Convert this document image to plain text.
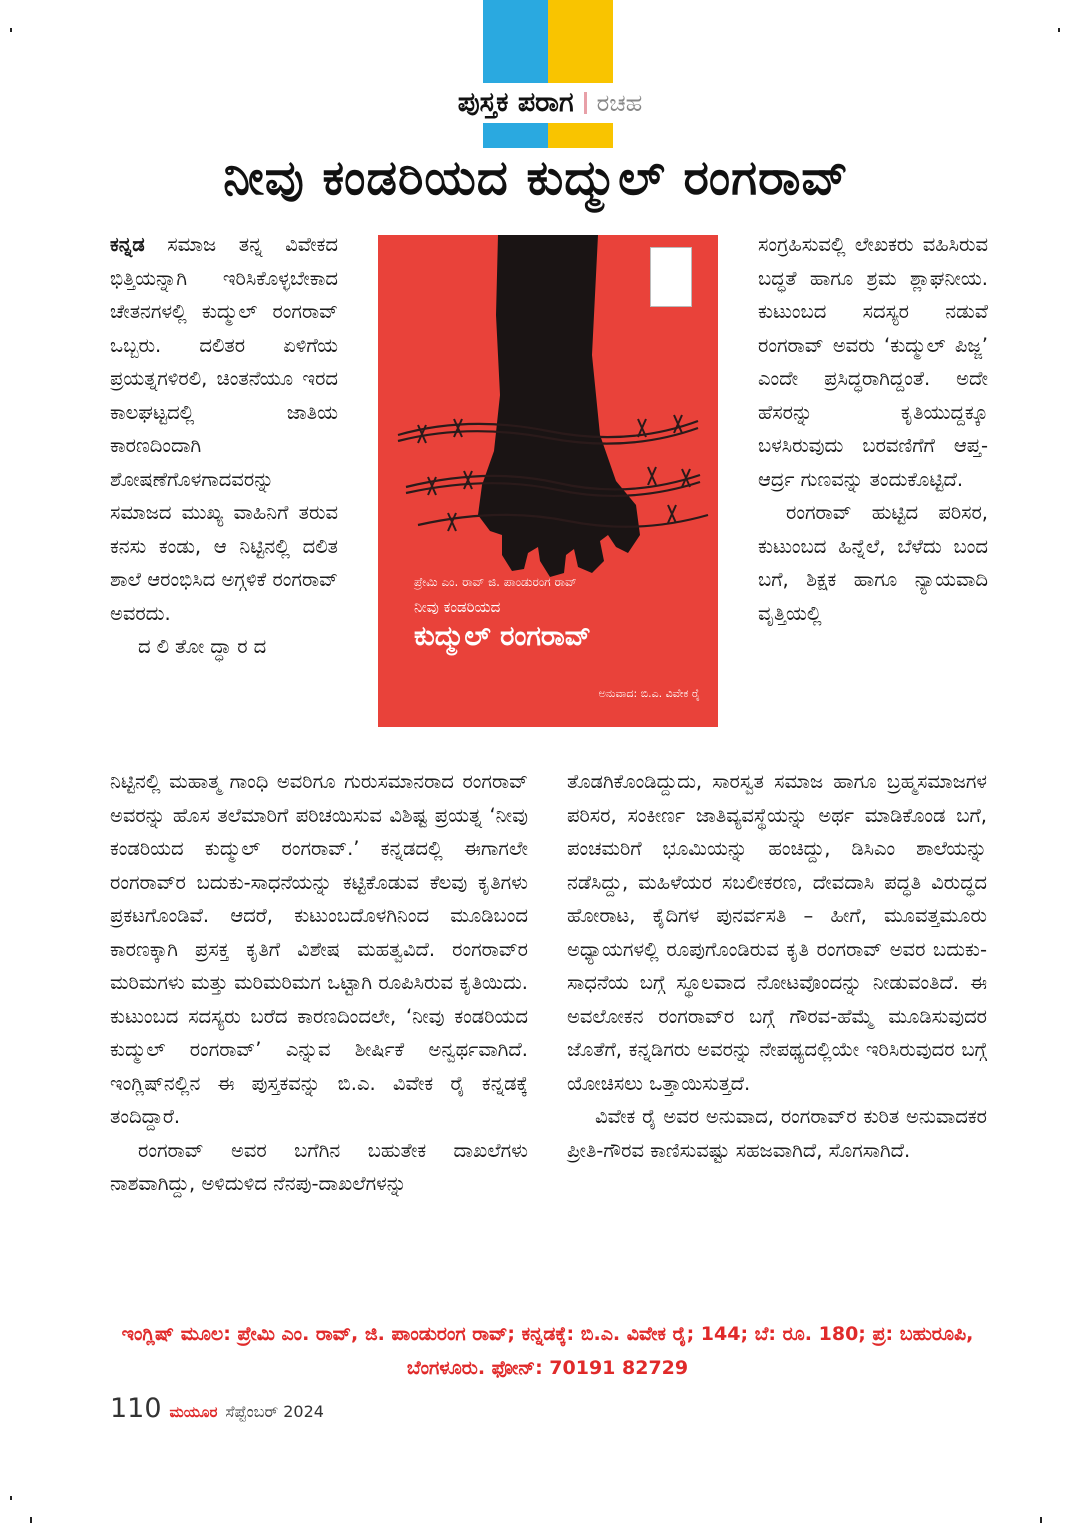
ಪುಸ್ತಕ ಪರಾಗ ರಚಹ
ನೀವು ಕಂಡರಿಯದ ಕುದ್ಮುಲ್ ರಂಗರಾವ್

ಕನ್ನಡ ಸಮಾಜ ತನ್ನ ವಿವೇಕದ ಭಿತ್ತಿಯನ್ನಾಗಿ ಇರಿಸಿಕೊಳ್ಳಬೇಕಾದ ಚೇತನಗಳಲ್ಲಿ ಕುದ್ಮುಲ್ ರಂಗರಾವ್ ಒಬ್ಬರು. ದಲಿತರ ಏಳಿಗೆಯ ಪ್ರಯತ್ನಗಳಿರಲಿ, ಚಿಂತನೆಯೂ ಇರದ ಕಾಲಘಟ್ಟದಲ್ಲಿ ಜಾತಿಯ ಕಾರಣದಿಂದಾಗಿ ಶೋಷಣೆಗೊಳಗಾದವರನ್ನು ಸಮಾಜದ ಮುಖ್ಯ ವಾಹಿನಿಗೆ ತರುವ ಕನಸು ಕಂಡು, ಆ ನಿಟ್ಟಿನಲ್ಲಿ ದಲಿತ ಶಾಲೆ ಆರಂಭಿಸಿದ ಅಗ್ಗಳಿಕೆ ರಂಗರಾವ್ ಅವರದು.

ದಲಿತೋದ್ಧಾರದ

ಪ್ರೇಮಿ ಎಂ. ರಾವ್ ಜಿ. ಪಾಂಡುರಂಗ ರಾವ್
ನೀವು ಕಂಡರಿಯದ
ಕುದ್ಮುಲ್ ರಂಗರಾವ್
ಅನುವಾದ: ಬಿ.ಎ. ವಿವೇಕ ರೈ

ಸಂಗ್ರಹಿಸುವಲ್ಲಿ ಲೇಖಕರು ವಹಿಸಿರುವ ಬದ್ಧತೆ ಹಾಗೂ ಶ್ರಮ ಶ್ಲಾಘನೀಯ. ಕುಟುಂಬದ ಸದಸ್ಯರ ನಡುವೆ ರಂಗರಾವ್ ಅವರು ‘ಕುದ್ಮುಲ್ ಪಿಜ್ಜ’ ಎಂದೇ ಪ್ರಸಿದ್ಧರಾಗಿದ್ದಂತೆ. ಅದೇ ಹೆಸರನ್ನು ಕೃತಿಯುದ್ದಕ್ಕೂ ಬಳಸಿರುವುದು ಬರವಣಿಗೆಗೆ ಆಪ್ತ-ಆರ್ದ್ರ ಗುಣವನ್ನು ತಂದುಕೊಟ್ಟಿದೆ.

ರಂಗರಾವ್ ಹುಟ್ಟಿದ ಪರಿಸರ, ಕುಟುಂಬದ ಹಿನ್ನೆಲೆ, ಬೆಳೆದು ಬಂದ ಬಗೆ, ಶಿಕ್ಷಕ ಹಾಗೂ ನ್ಯಾಯವಾದಿ ವೃತ್ತಿಯಲ್ಲಿ

ನಿಟ್ಟಿನಲ್ಲಿ ಮಹಾತ್ಮ ಗಾಂಧಿ ಅವರಿಗೂ ಗುರುಸಮಾನರಾದ ರಂಗರಾವ್ ಅವರನ್ನು ಹೊಸ ತಲೆಮಾರಿಗೆ ಪರಿಚಯಿಸುವ ವಿಶಿಷ್ಟ ಪ್ರಯತ್ನ ‘ನೀವು ಕಂಡರಿಯದ ಕುದ್ಮುಲ್ ರಂಗರಾವ್.’ ಕನ್ನಡದಲ್ಲಿ ಈಗಾಗಲೇ ರಂಗರಾವ್‌ರ ಬದುಕು-ಸಾಧನೆಯನ್ನು ಕಟ್ಟಿಕೊಡುವ ಕೆಲವು ಕೃತಿಗಳು ಪ್ರಕಟಗೊಂಡಿವೆ. ಆದರೆ, ಕುಟುಂಬದೊಳಗಿನಿಂದ ಮೂಡಿಬಂದ ಕಾರಣಕ್ಕಾಗಿ ಪ್ರಸಕ್ತ ಕೃತಿಗೆ ವಿಶೇಷ ಮಹತ್ವವಿದೆ. ರಂಗರಾವ್‌ರ ಮರಿಮಗಳು ಮತ್ತು ಮರಿಮರಿಮಗ ಒಟ್ಟಾಗಿ ರೂಪಿಸಿರುವ ಕೃತಿಯಿದು. ಕುಟುಂಬದ ಸದಸ್ಯರು ಬರೆದ ಕಾರಣದಿಂದಲೇ, ‘ನೀವು ಕಂಡರಿಯದ ಕುದ್ಮುಲ್ ರಂಗರಾವ್’ ಎನ್ನುವ ಶೀರ್ಷಿಕೆ ಅನ್ವರ್ಥವಾಗಿದೆ. ಇಂಗ್ಲಿಷ್‌ನಲ್ಲಿನ ಈ ಪುಸ್ತಕವನ್ನು ಬಿ.ಎ. ವಿವೇಕ ರೈ ಕನ್ನಡಕ್ಕೆ ತಂದಿದ್ದಾರೆ.

ರಂಗರಾವ್ ಅವರ ಬಗೆಗಿನ ಬಹುತೇಕ ದಾಖಲೆಗಳು ನಾಶವಾಗಿದ್ದು, ಅಳಿದುಳಿದ ನೆನಪು-ದಾಖಲೆಗಳನ್ನು

ತೊಡಗಿಕೊಂಡಿದ್ದುದು, ಸಾರಸ್ವತ ಸಮಾಜ ಹಾಗೂ ಬ್ರಹ್ಮಸಮಾಜಗಳ ಪರಿಸರ, ಸಂಕೀರ್ಣ ಜಾತಿವ್ಯವಸ್ಥೆಯನ್ನು ಅರ್ಥ ಮಾಡಿಕೊಂಡ ಬಗೆ, ಪಂಚಮರಿಗೆ ಭೂಮಿಯನ್ನು ಹಂಚಿದ್ದು, ಡಿಸಿಎಂ ಶಾಲೆಯನ್ನು ನಡೆಸಿದ್ದು, ಮಹಿಳೆಯರ ಸಬಲೀಕರಣ, ದೇವದಾಸಿ ಪದ್ಧತಿ ವಿರುದ್ಧದ ಹೋರಾಟ, ಕೈದಿಗಳ ಪುನರ್ವಸತಿ – ಹೀಗೆ, ಮೂವತ್ತಮೂರು ಅಧ್ಯಾಯಗಳಲ್ಲಿ ರೂಪುಗೊಂಡಿರುವ ಕೃತಿ ರಂಗರಾವ್ ಅವರ ಬದುಕು-ಸಾಧನೆಯ ಬಗ್ಗೆ ಸ್ಥೂಲವಾದ ನೋಟವೊಂದನ್ನು ನೀಡುವಂತಿದೆ. ಈ ಅವಲೋಕನ ರಂಗರಾವ್‌ರ ಬಗ್ಗೆ ಗೌರವ-ಹೆಮ್ಮೆ ಮೂಡಿಸುವುದರ ಜೊತೆಗೆ, ಕನ್ನಡಿಗರು ಅವರನ್ನು ನೇಪಥ್ಯದಲ್ಲಿಯೇ ಇರಿಸಿರುವುದರ ಬಗ್ಗೆ ಯೋಚಿಸಲು ಒತ್ತಾಯಿಸುತ್ತದೆ.

ವಿವೇಕ ರೈ ಅವರ ಅನುವಾದ, ರಂಗರಾವ್‌ರ ಕುರಿತ ಅನುವಾದಕರ ಪ್ರೀತಿ-ಗೌರವ ಕಾಣಿಸುವಷ್ಟು ಸಹಜವಾಗಿದೆ, ಸೊಗಸಾಗಿದೆ.

ಇಂಗ್ಲಿಷ್ ಮೂಲ: ಪ್ರೇಮಿ ಎಂ. ರಾವ್, ಜಿ. ಪಾಂಡುರಂಗ ರಾವ್; ಕನ್ನಡಕ್ಕೆ: ಬಿ.ಎ. ವಿವೇಕ ರೈ; 144; ಬೆ: ರೂ. 180; ಪ್ರ: ಬಹುರೂಪಿ, ಬೆಂಗಳೂರು. ಫೋನ್: 70191 82729
110 ಮಯೂರ ಸೆಪ್ಟೆಂಬರ್ 2024
